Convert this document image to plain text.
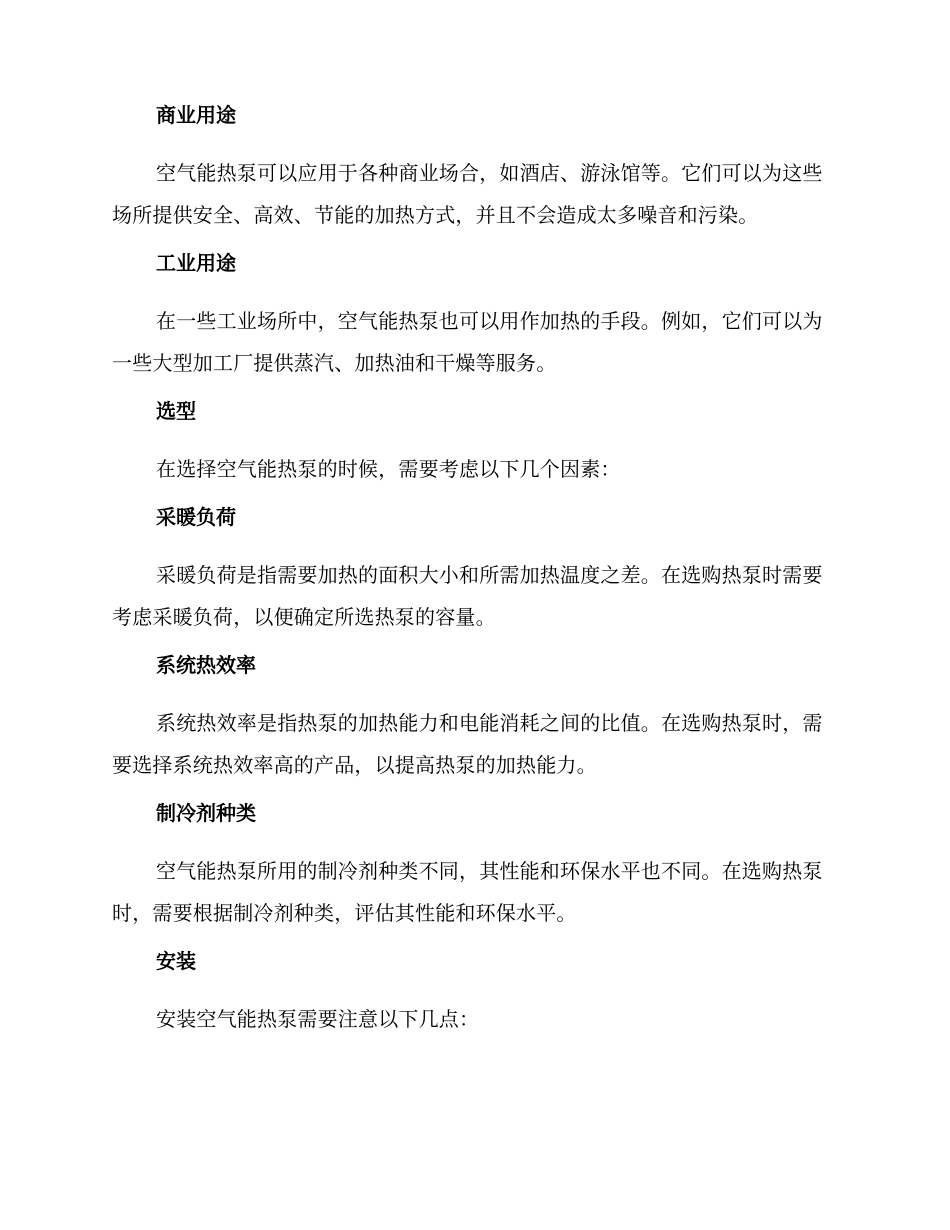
商业用途

空气能热泵可以应用于各种商业场合，如酒店、游泳馆等。它们可以为这些场所提供安全、高效、节能的加热方式，并且不会造成太多噪音和污染。

工业用途

在一些工业场所中，空气能热泵也可以用作加热的手段。例如，它们可以为一些大型加工厂提供蒸汽、加热油和干燥等服务。

选型

在选择空气能热泵的时候，需要考虑以下几个因素：

采暖负荷

采暖负荷是指需要加热的面积大小和所需加热温度之差。在选购热泵时需要考虑采暖负荷，以便确定所选热泵的容量。

系统热效率

系统热效率是指热泵的加热能力和电能消耗之间的比值。在选购热泵时，需要选择系统热效率高的产品，以提高热泵的加热能力。

制冷剂种类

空气能热泵所用的制冷剂种类不同，其性能和环保水平也不同。在选购热泵时，需要根据制冷剂种类，评估其性能和环保水平。

安装

安装空气能热泵需要注意以下几点：
